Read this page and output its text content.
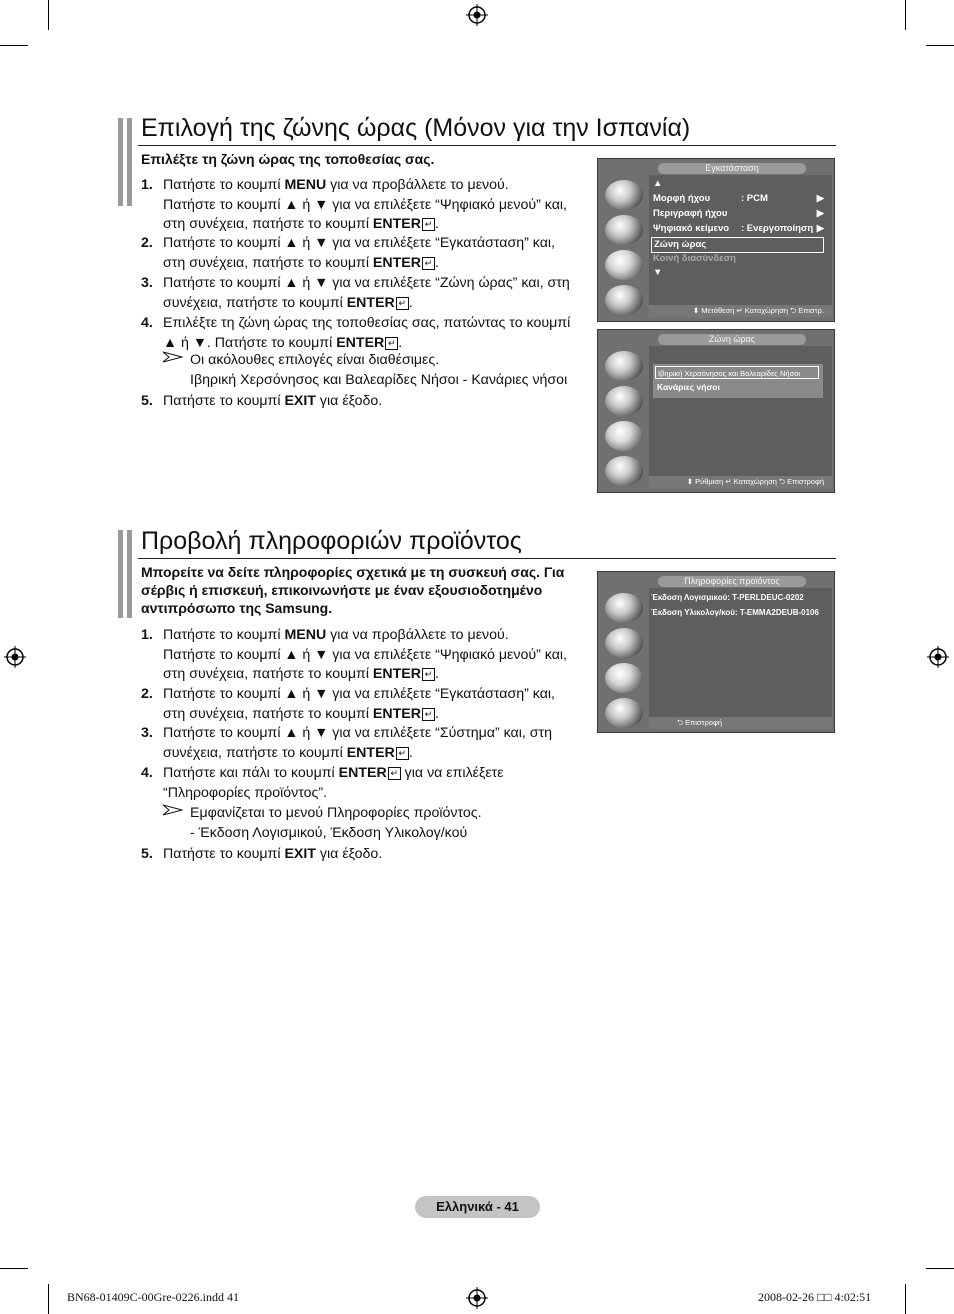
Επιλογή της ζώνης ώρας (Μόνον για την Ισπανία)
Επιλέξτε τη ζώνη ώρας της τοποθεσίας σας.
1. Πατήστε το κουμπί MENU για να προβάλλετε το μενού.
Πατήστε το κουμπί ▲ ή ▼ για να επιλέξετε “Ψηφιακό μενού” και,
στη συνέχεια, πατήστε το κουμπί ENTER ↵ .
2. Πατήστε το κουμπί ▲ ή ▼ για να επιλέξετε “Εγκατάσταση” και,
στη συνέχεια, πατήστε το κουμπί ENTER ↵ .
3. Πατήστε το κουμπί ▲ ή ▼ για να επιλέξετε “Ζώνη ώρας” και, στη
συνέχεια, πατήστε το κουμπί ENTER ↵ .
4. Επιλέξτε τη ζώνη ώρας της τοποθεσίας σας, πατώντας το κουμπί
▲ ή ▼. Πατήστε το κουμπί ENTER ↵ .
Οι ακόλουθες επιλογές είναι διαθέσιμες.
Ιβηρική Χερσόνησος και Βαλεαρίδες Νήσοι - Κανάριες νήσοι
5. Πατήστε το κουμπί EXIT για έξοδο.
Εγκατάσταση
▲
Μορφή ήχου	: PCM	▶
Περιγραφή ήχου	▶
Ψηφιακό κείμενο : Ενεργοποίηση ▶
Ζώνη ώρας
Κοινή διασύνδεση
▼
⬍ Μετάθεση ↵ Καταχώρηση ⮌ Επιστρ.
Ζώνη ώρας
Ιβηρική Χερσόνησος και Βαλεαρίδες Νήσοι
Κανάριες νήσοι
⬍ Ρύθμιση ↵ Καταχώρηση ⮌ Επιστροφή
Προβολή πληροφοριών προϊόντος
Μπορείτε να δείτε πληροφορίες σχετικά με τη συσκευή σας. Για
σέρβις ή επισκευή, επικοινωνήστε με έναν εξουσιοδοτημένο
αντιπρόσωπο της Samsung.
1. Πατήστε το κουμπί MENU για να προβάλλετε το μενού.
Πατήστε το κουμπί ▲ ή ▼ για να επιλέξετε “Ψηφιακό μενού” και,
στη συνέχεια, πατήστε το κουμπί ENTER ↵ .
2. Πατήστε το κουμπί ▲ ή ▼ για να επιλέξετε “Εγκατάσταση” και,
στη συνέχεια, πατήστε το κουμπί ENTER ↵ .
3. Πατήστε το κουμπί ▲ ή ▼ για να επιλέξετε “Σύστημα” και, στη
συνέχεια, πατήστε το κουμπί ENTER ↵ .
4. Πατήστε και πάλι το κουμπί ENTER ↵ για να επιλέξετε
“Πληροφορίες προϊόντος”.
Εμφανίζεται το μενού Πληροφορίες προϊόντος.
- Έκδοση Λογισμικού, Έκδοση Υλικολογ/κού
5. Πατήστε το κουμπί EXIT για έξοδο.
Πληροφορίες προϊόντος
Έκδοση Λογισμικού: T-PERLDEUC-0202
Έκδοση Υλικολογ/κού: T-EMMA2DEUB-0106
⮌ Επιστροφή
Ελληνικά - 41
BN68-01409C-00Gre-0226.indd 41	2008-02-26 □□ 4:02:51
